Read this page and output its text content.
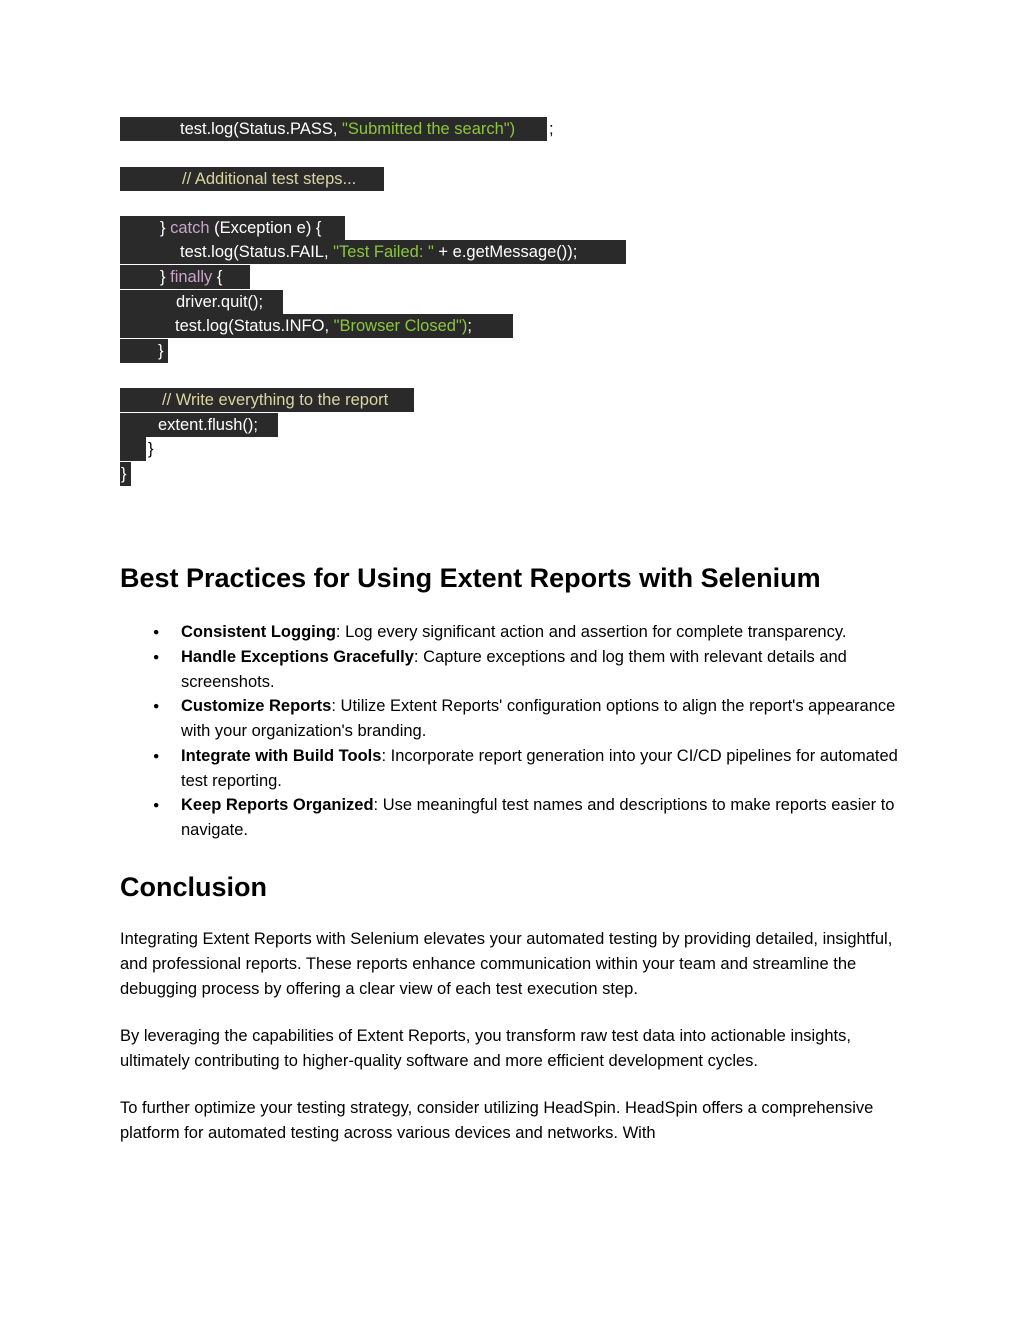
test.log(Status.PASS, "Submitted the search") ;
// Additional test steps...
} catch (Exception e) {
test.log(Status.FAIL, "Test Failed: " + e.getMessage());
} finally {
driver.quit();
test.log(Status.INFO, "Browser Closed");
}
// Write everything to the report
extent.flush();
}
}
Best Practices for Using Extent Reports with Selenium
● Consistent Logging: Log every significant action and assertion for complete transparency.
● Handle Exceptions Gracefully: Capture exceptions and log them with relevant details and screenshots.
● Customize Reports: Utilize Extent Reports' configuration options to align the report's appearance with your organization's branding.
● Integrate with Build Tools: Incorporate report generation into your CI/CD pipelines for automated test reporting.
● Keep Reports Organized: Use meaningful test names and descriptions to make reports easier to navigate.
Conclusion

Integrating Extent Reports with Selenium elevates your automated testing by providing detailed, insightful, and professional reports. These reports enhance communication within your team and streamline the debugging process by offering a clear view of each test execution step.

By leveraging the capabilities of Extent Reports, you transform raw test data into actionable insights, ultimately contributing to higher-quality software and more efficient development cycles.

To further optimize your testing strategy, consider utilizing HeadSpin. HeadSpin offers a comprehensive platform for automated testing across various devices and networks. With
